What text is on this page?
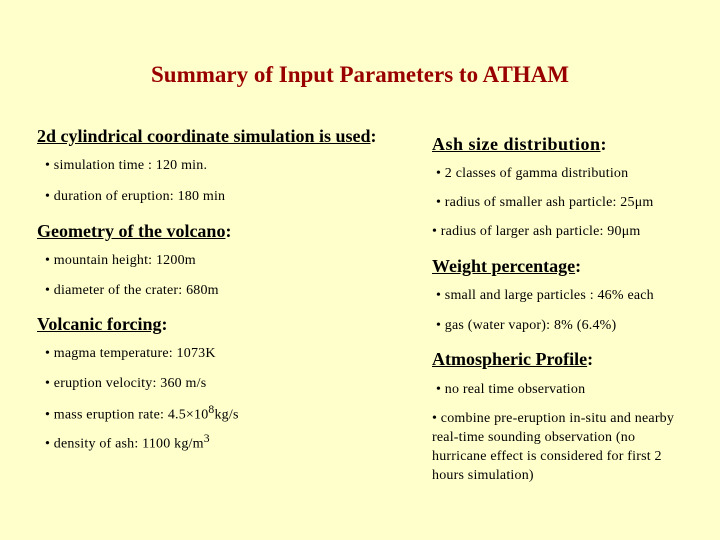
Summary of Input Parameters to ATHAM
2d cylindrical coordinate simulation is used:
• simulation time : 120 min.
• duration of eruption: 180 min
Geometry of the volcano:
• mountain height: 1200m
• diameter of the crater: 680m
Volcanic forcing:
• magma temperature: 1073K
• eruption velocity: 360 m/s
• mass eruption rate: $4.5\times 10^8kg/s$
• density of ash: 1100 $kg/m^3$
Ash size distribution:
• 2 classes of gamma distribution
• radius of smaller ash particle: 25μm
• radius of larger ash particle: 90μm
Weight percentage:
• small and large particles : 46% each
• gas (water vapor): 8% (6.4%)
Atmospheric Profile:
• no real time observation
• combine pre-eruption in-situ and nearby real-time sounding observation (no hurricane effect is considered for first 2 hours simulation)
